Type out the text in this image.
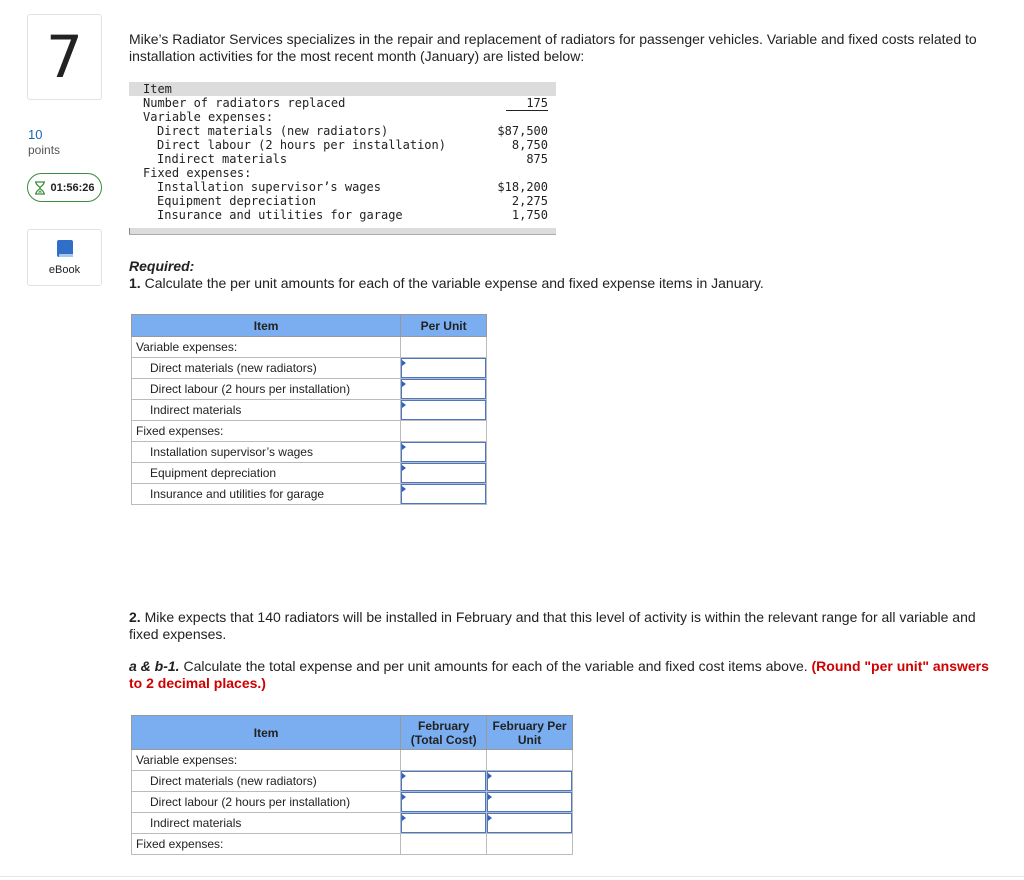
7
10
points
01:56:26
eBook
Mike’s Radiator Services specializes in the repair and replacement of radiators for passenger vehicles. Variable and fixed costs related to installation activities for the most recent month (January) are listed below:
Item
Number of radiators replaced	175
Variable expenses:
Direct materials (new radiators)	$87,500
Direct labour (2 hours per installation)	8,750
Indirect materials	875
Fixed expenses:
Installation supervisor’s wages	$18,200
Equipment depreciation	2,275
Insurance and utilities for garage	1,750
Required:
1. Calculate the per unit amounts for each of the variable expense and fixed expense items in January.
Item	Per Unit
Variable expenses:	
Direct materials (new radiators)	

Direct labour (2 hours per installation)	

Indirect materials	

Fixed expenses:	
Installation supervisor’s wages	

Equipment depreciation	

Insurance and utilities for garage	
2. Mike expects that 140 radiators will be installed in February and that this level of activity is within the relevant range for all variable and fixed expenses.
a & b-1. Calculate the total expense and per unit amounts for each of the variable and fixed cost items above. (Round "per unit" answers to 2 decimal places.)
Item	February (Total Cost)	February Per Unit
Variable expenses:		
Direct materials (new radiators)	

Direct labour (2 hours per installation)	

Indirect materials	

Fixed expenses:		
